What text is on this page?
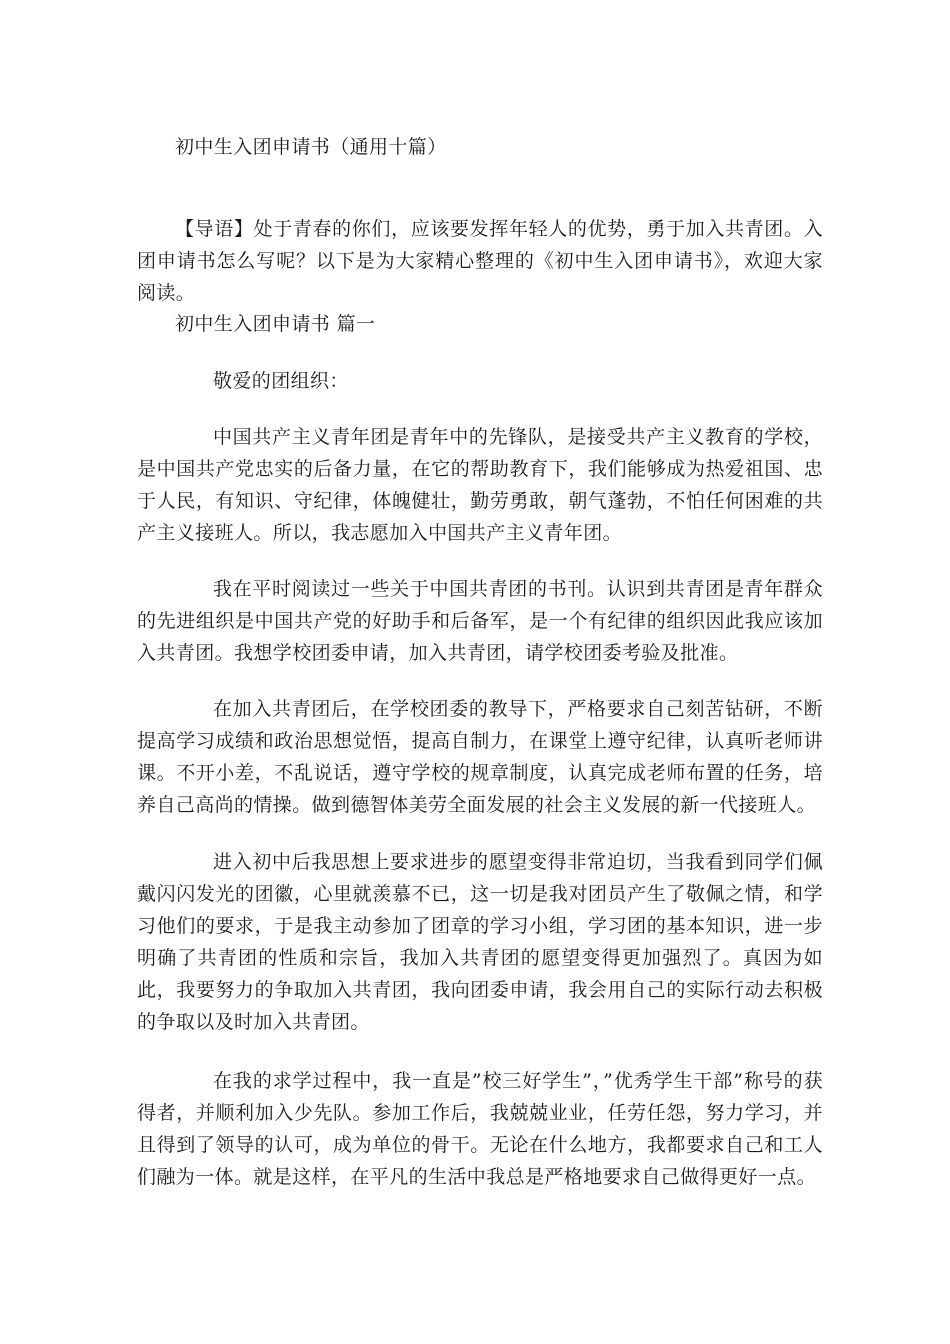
初中生入团申请书（通用十篇）

【导语】处于青春的你们，应该要发挥年轻人的优势，勇于加入共青团。入团申请书怎么写呢？以下是为大家精心整理的《初中生入团申请书》，欢迎大家阅读。

初中生入团申请书 篇一

敬爱的团组织：

中国共产主义青年团是青年中的先锋队，是接受共产主义教育的学校，是中国共产党忠实的后备力量，在它的帮助教育下，我们能够成为热爱祖国、忠于人民，有知识、守纪律，体魄健壮，勤劳勇敢，朝气蓬勃，不怕任何困难的共产主义接班人。所以，我志愿加入中国共产主义青年团。

我在平时阅读过一些关于中国共青团的书刊。认识到共青团是青年群众的先进组织是中国共产党的好助手和后备军，是一个有纪律的组织因此我应该加入共青团。我想学校团委申请，加入共青团，请学校团委考验及批准。

在加入共青团后，在学校团委的教导下，严格要求自己刻苦钻研，不断提高学习成绩和政治思想觉悟，提高自制力，在课堂上遵守纪律，认真听老师讲课。不开小差，不乱说话，遵守学校的规章制度，认真完成老师布置的任务，培养自己高尚的情操。做到德智体美劳全面发展的社会主义发展的新一代接班人。

进入初中后我思想上要求进步的愿望变得非常迫切，当我看到同学们佩戴闪闪发光的团徽，心里就羡慕不已，这一切是我对团员产生了敬佩之情，和学习他们的要求，于是我主动参加了团章的学习小组，学习团的基本知识，进一步明确了共青团的性质和宗旨，我加入共青团的愿望变得更加强烈了。真因为如此，我要努力的争取加入共青团，我向团委申请，我会用自己的实际行动去积极的争取以及时加入共青团。

在我的求学过程中，我一直是”校三好学生”，”优秀学生干部”称号的获得者，并顺利加入少先队。参加工作后，我兢兢业业，任劳任怨，努力学习，并且得到了领导的认可，成为单位的骨干。无论在什么地方，我都要求自己和工人们融为一体。就是这样，在平凡的生活中我总是严格地要求自己做得更好一点。
